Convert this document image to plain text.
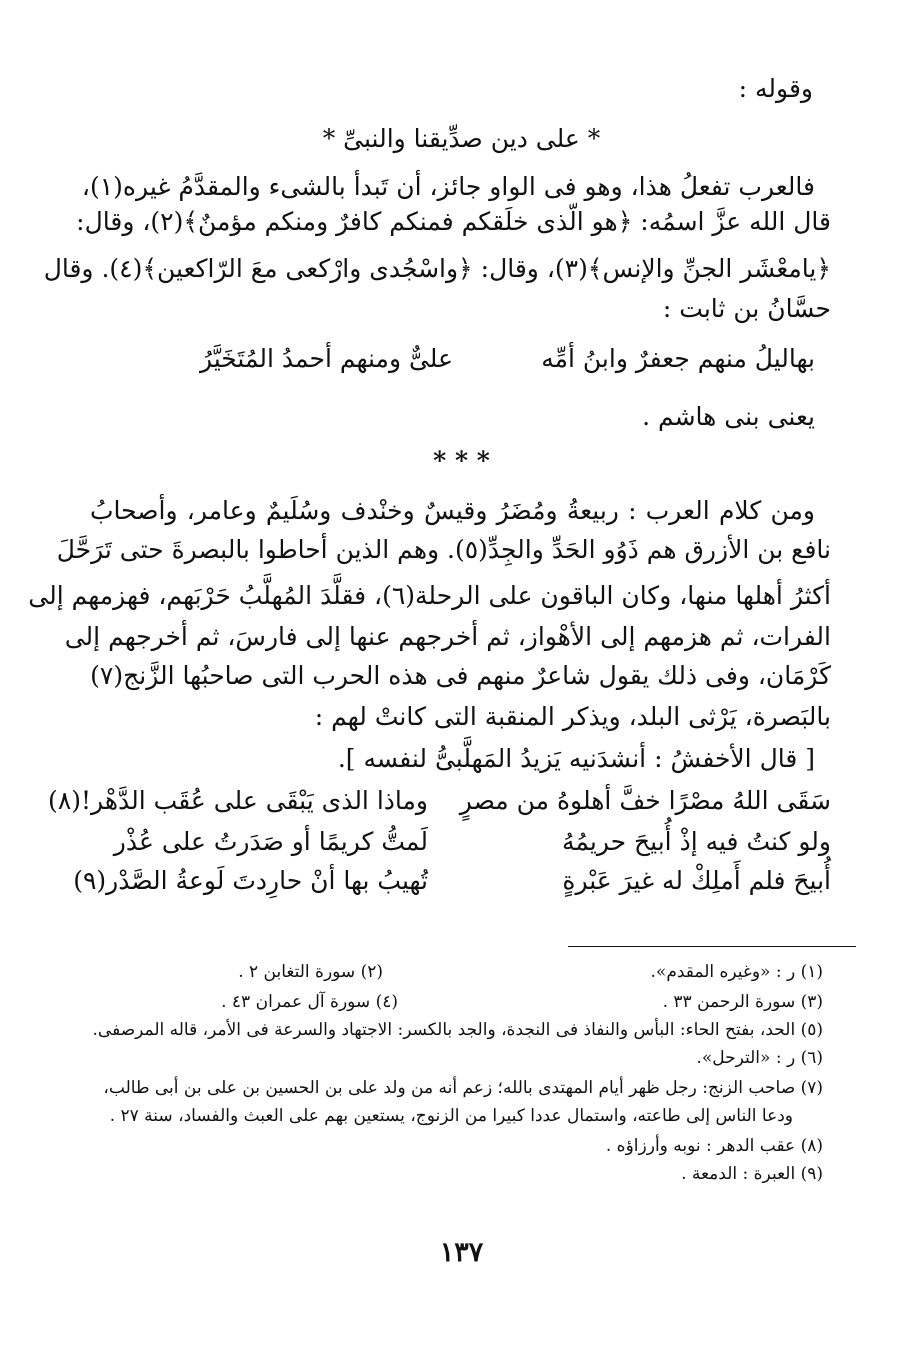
وقوله :
* على دين صدِّيقنا والنبىِّ *
فالعرب تفعلُ هذا، وهو فى الواو جائز، أن تَبدأ بالشىء والمقدَّمُ غيره(١)،
قال الله عزَّ اسمُه: ﴿هو الّذى خلَقكم فمنكم كافرٌ ومنكم مؤمنٌ﴾(٢)، وقال:
﴿يامعْشَر الجنِّ والإنس﴾(٣)، وقال: ﴿واسْجُدى وارْكعى معَ الرّاكعين﴾(٤). وقال
حسَّانُ بن ثابت :
بهاليلُ منهم جعفرٌ وابنُ أمِّه
علىٌّ ومنهم أحمدُ المُتَخَيَّرُ
يعنى بنى هاشم .
* * *
ومن كلام العرب : ربيعةُ ومُضَرُ وقيسٌ وخنْدف وسُلَيمٌ وعامر، وأصحابُ
نافع بن الأزرق هم ذَوُو الحَدِّ والجِدِّ(٥). وهم الذين أحاطوا بالبصرةَ حتى تَرَحَّلَ
أكثرُ أهلها منها، وكان الباقون على الرحلة(٦)، فقلَّدَ المُهلَّبُ حَرْبَهم، فهزمهم إلى
الفرات، ثم هزمهم إلى الأهْواز، ثم أخرجهم عنها إلى فارسَ، ثم أخرجهم إلى
كَرْمَان، وفى ذلك يقول شاعرٌ منهم فى هذه الحرب التى صاحبُها الزَّنج(٧)
بالبَصرة، يَرْثى البلد، ويذكر المنقبة التى كانتْ لهم :
[ قال الأخفشُ : أنشدَنيه يَزيدُ المَهلَّبىُّ لنفسه ].
سَقَى اللهُ مصْرًا خفَّ أهلوهُ من مصرٍ
وماذا الذى يَبْقَى على عُقَب الدَّهْر!(٨)
ولو كنتُ فيه إذْ أُبيحَ حريمُهُ
لَمتُّ كريمًا أو صَدَرتُ على عُذْر
أُبيحَ فلم أَملِكْ له غيرَ عَبْرةٍ
تُهيبُ بها أنْ حارِدتَ لَوعةُ الصَّدْر(٩)
(١) ر : «وغيره المقدم».
(٢) سورة التغابن ٢ .
(٣) سورة الرحمن ٣٣ .
(٤) سورة آل عمران ٤٣ .
(٥) الحد، بفتح الحاء: البأس والنفاذ فى النجدة، والجد بالكسر: الاجتهاد والسرعة فى الأمر، قاله المرصفى.
(٦) ر : «الترحل».
(٧) صاحب الزنج: رجل ظهر أيام المهتدى بالله؛ زعم أنه من ولد على بن الحسين بن على بن أبى طالب،
ودعا الناس إلى طاعته، واستمال عددا كبيرا من الزنوج، يستعين بهم على العبث والفساد، سنة ٢٧ .
(٨) عقب الدهر : نوبه وأرزاؤه .
(٩) العبرة : الدمعة .
١٣٧
